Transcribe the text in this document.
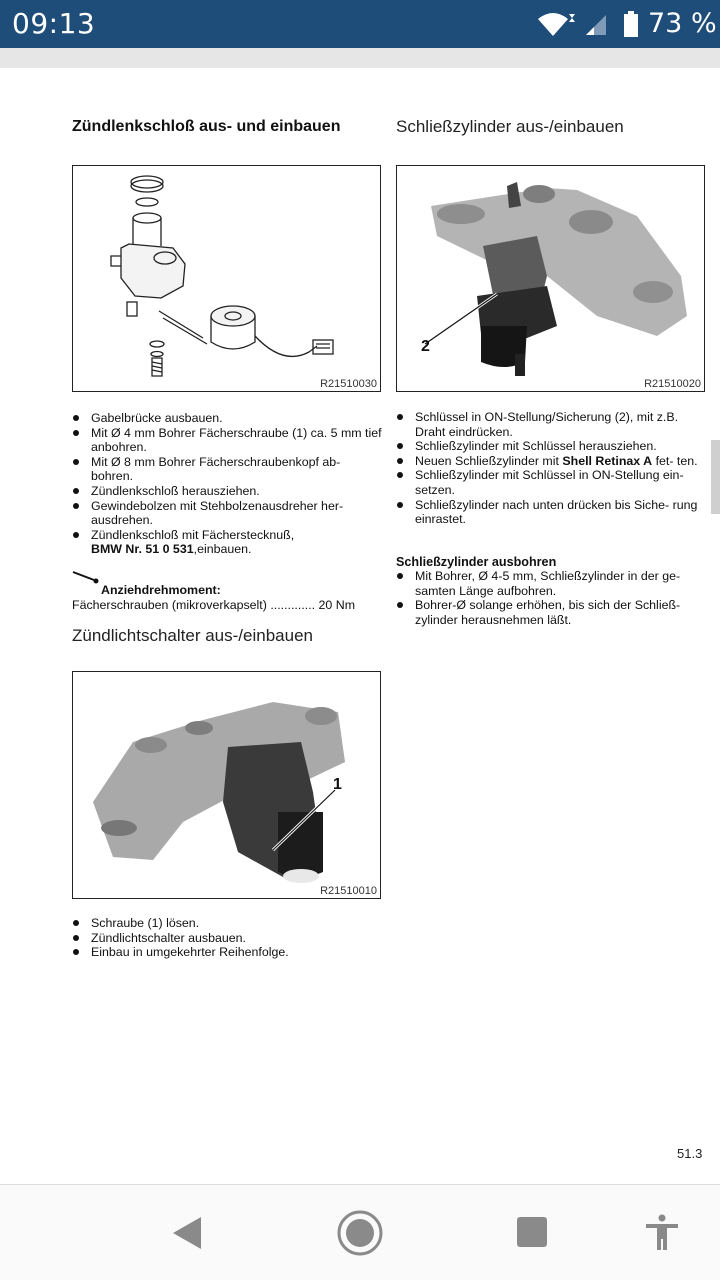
09:13	73 %
Zündlenkschloß aus- und einbauen
R21510030
Gabelbrücke ausbauen.
Mit Ø 4 mm Bohrer Fächerschraube (1) ca. 5 mm tief anbohren.
Mit Ø 8 mm Bohrer Fächerschraubenkopf ab- bohren.
Zündlenkschloß herausziehen.
Gewindebolzen mit Stehbolzenausdreher her- ausdrehen.
Zündlenkschloß mit Fächerstecknuß,
BMW Nr. 51 0 531,einbauen.
Anziehdrehmoment:
Fächerschrauben (mikroverkapselt) ............. 20 Nm
Zündlichtschalter aus-/einbauen
1
R21510010
Schraube (1) lösen.
Zündlichtschalter ausbauen.
Einbau in umgekehrter Reihenfolge.
Schließzylinder aus-/einbauen
2
R21510020
Schlüssel in ON-Stellung/Sicherung (2), mit z.B. Draht eindrücken.
Schließzylinder mit Schlüssel herausziehen.
Neuen Schließzylinder mit Shell Retinax A fet- ten.
Schließzylinder mit Schlüssel in ON-Stellung ein- setzen.
Schließzylinder nach unten drücken bis Siche- rung einrastet.
Schließzylinder ausbohren
Mit Bohrer, Ø 4-5 mm, Schließzylinder in der ge- samten Länge aufbohren.
Bohrer-Ø solange erhöhen, bis sich der Schließ- zylinder herausnehmen läßt.
51.3
